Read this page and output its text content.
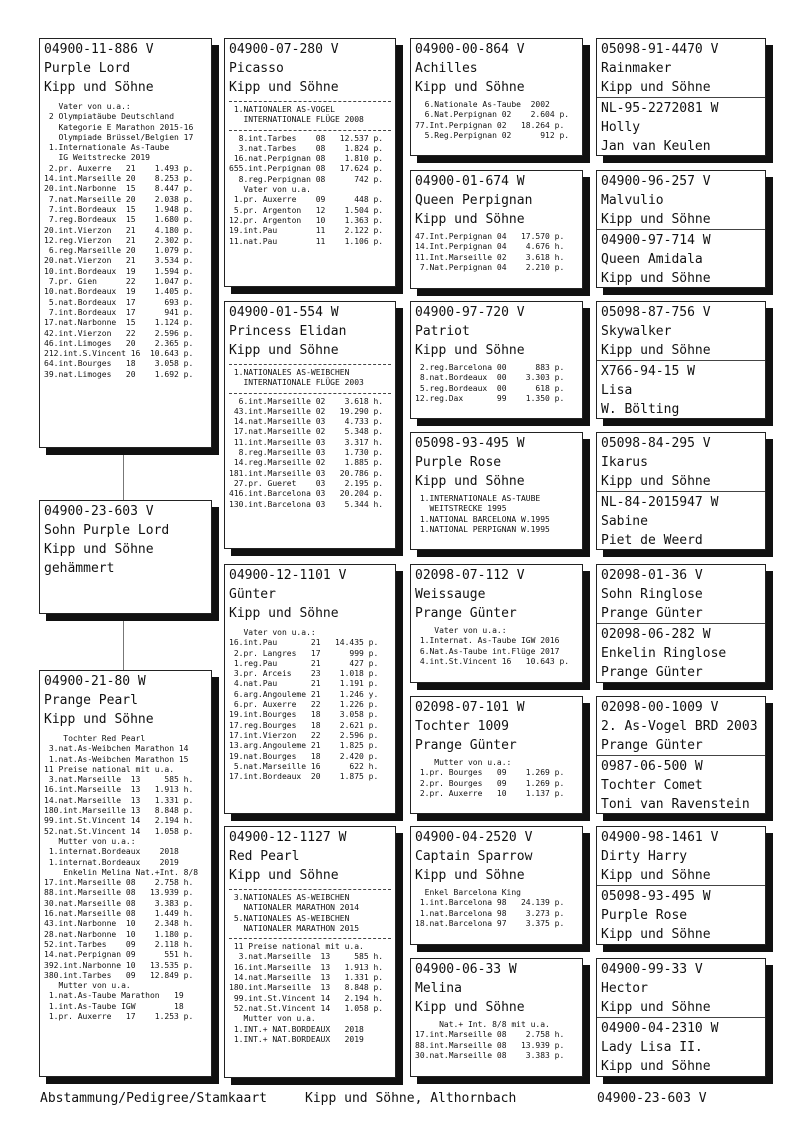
04900-11-886 V
Purple Lord
Kipp und Söhne
Vater von u.a.:
2 Olympiatäube Deutschland
Kategorie E Marathon 2015-16
Olympiade Brüssel/Belgien 17
1.Internationale As-Taube
IG Weitstrecke 2019
2.pr. Auxerre   21    1.493 p.
14.int.Marseille 20    8.253 p.
20.int.Narbonne  15    8.447 p.
7.nat.Marseille 20    2.038 p.
7.int.Bordeaux  15    1.948 p.
7.reg.Bordeaux  15    1.680 p.
20.int.Vierzon   21    4.180 p.
12.reg.Vierzon   21    2.302 p.
6.reg.Marseille 20    1.079 p.
20.nat.Vierzon   21    3.534 p.
10.int.Bordeaux  19    1.594 p.
7.pr. Gien      22    1.047 p.
10.nat.Bordeaux  19    1.405 p.
5.nat.Bordeaux  17      693 p.
7.int.Bordeaux  17      941 p.
17.nat.Narbonne  15    1.124 p.
42.int.Vierzon   22    2.596 p.
46.int.Limoges   20    2.365 p.
212.int.S.Vincent 16  10.643 p.
64.int.Bourges   18    3.058 p.
39.nat.Limoges   20    1.692 p.
04900-23-603 V
Sohn Purple Lord
Kipp und Söhne
gehämmert
04900-21-80 W
Prange Pearl
Kipp und Söhne
Tochter Red Pearl
3.nat.As-Weibchen Marathon 14
1.nat.As-Weibchen Marathon 15
11 Preise national mit u.a.
3.nat.Marseille  13     585 h.
16.int.Marseille  13   1.913 h.
14.nat.Marseille  13   1.331 p.
180.int.Marseille 13   8.848 p.
99.int.St.Vincent 14   2.194 h.
52.nat.St.Vincent 14   1.058 p.
Mutter von u.a.:
1.internat.Bordeaux    2018
1.internat.Bordeaux    2019
Enkelin Melina Nat.+Int. 8/8
17.int.Marseille 08    2.758 h.
88.int.Marseille 08   13.939 p.
30.nat.Marseille 08    3.383 p.
16.nat.Marseille 08    1.449 h.
43.int.Narbonne  10    2.348 h.
28.nat.Narbonne  10    1.180 p.
52.int.Tarbes    09    2.118 h.
14.nat.Perpignan 09      551 h.
392.int.Narbonne 10   13.535 p.
380.int.Tarbes   09   12.849 p.
Mutter von u.a.
1.nat.As-Taube Marathon   19
1.int.As-Taube IGW        18
1.pr. Auxerre   17    1.253 p.
04900-07-280 V
Picasso
Kipp und Söhne
1.NATIONALER AS-VOGEL
INTERNATIONALE FLÜGE 2008
8.int.Tarbes    08   12.537 p.
3.nat.Tarbes    08    1.824 p.
16.nat.Perpignan 08    1.810 p.
655.int.Perpignan 08   17.624 p.
8.reg.Perpignan 08      742 p.
Vater von u.a.
1.pr. Auxerre    09      448 p.
5.pr. Argenton   12    1.504 p.
12.pr. Argenton   10    1.363 p.
19.int.Pau        11    2.122 p.
11.nat.Pau        11    1.106 p.
04900-01-554 W
Princess Elidan
Kipp und Söhne
1.NATIONALES AS-WEIBCHEN
INTERNATIONALE FLÜGE 2003
6.int.Marseille 02    3.618 h.
43.int.Marseille 02   19.290 p.
14.nat.Marseille 03    4.733 p.
17.nat.Marseille 02    5.348 p.
11.int.Marseille 03    3.317 h.
8.reg.Marseille 03    1.730 p.
14.reg.Marseille 02    1.885 p.
181.int.Marseille 03   20.786 p.
27.pr. Gueret    03    2.195 p.
416.int.Barcelona 03   20.204 p.
130.int.Barcelona 03    5.344 h.
04900-12-1101 V
Günter
Kipp und Söhne
Vater von u.a.:
16.int.Pau       21   14.435 p.
2.pr. Langres   17      999 p.
1.reg.Pau       21      427 p.
3.pr. Arceis    23    1.018 p.
4.nat.Pau       21    1.191 p.
6.arg.Angouleme 21    1.246 y.
6.pr. Auxerre   22    1.226 p.
19.int.Bourges   18    3.058 p.
17.reg.Bourges   18    2.621 p.
17.int.Vierzon   22    2.596 p.
13.arg.Angouleme 21    1.825 p.
19.nat.Bourges   18    2.420 p.
5.nat.Marseille 16      622 h.
17.int.Bordeaux  20    1.875 p.
04900-12-1127 W
Red Pearl
Kipp und Söhne
3.NATIONALES AS-WEIBCHEN
NATIONALER MARATHON 2014
5.NATIONALES AS-WEIBCHEN
NATIONALER MARATHON 2015
11 Preise national mit u.a.
3.nat.Marseille  13     585 h.
16.int.Marseille  13   1.913 h.
14.nat.Marseille  13   1.331 p.
180.int.Marseille  13   8.848 p.
99.int.St.Vincent 14   2.194 h.
52.nat.St.Vincent 14   1.058 p.
Mutter von u.a.
1.INT.+ NAT.BORDEAUX   2018
1.INT.+ NAT.BORDEAUX   2019
04900-00-864 V
Achilles
Kipp und Söhne
6.Nationale As-Taube  2002
6.Nat.Perpignan 02    2.604 p.
77.Int.Perpignan 02   18.264 p.
5.Reg.Perpignan 02      912 p.
04900-01-674 W
Queen Perpignan
Kipp und Söhne
47.Int.Perpignan 04   17.570 p.
14.Int.Perpignan 04    4.676 h.
11.Int.Marseille 02    3.618 h.
7.Nat.Perpignan 04    2.210 p.
04900-97-720 V
Patriot
Kipp und Söhne
2.reg.Barcelona 00      883 p.
8.nat.Bordeaux  00    3.303 p.
5.reg.Bordeaux  00      618 p.
12.reg.Dax       99    1.350 p.
05098-93-495 W
Purple Rose
Kipp und Söhne
1.INTERNATIONALE AS-TAUBE
WEITSTRECKE 1995
1.NATIONAL BARCELONA W.1995
1.NATIONAL PERPIGNAN W.1995
02098-07-112 V
Weissauge
Prange Günter
Vater von u.a.:
1.Internat. As-Taube IGW 2016
6.Nat.As-Taube int.Flüge 2017
4.int.St.Vincent 16   10.643 p.
02098-07-101 W
Tochter 1009
Prange Günter
Mutter von u.a.:
1.pr. Bourges   09    1.269 p.
2.pr. Bourges   09    1.269 p.
2.pr. Auxerre   10    1.137 p.
04900-04-2520 V
Captain Sparrow
Kipp und Söhne
Enkel Barcelona King
1.int.Barcelona 98   24.139 p.
1.nat.Barcelona 98    3.273 p.
18.nat.Barcelona 97    3.375 p.
04900-06-33 W
Melina
Kipp und Söhne
Nat.+ Int. 8/8 mit u.a.
17.int.Marseille 08    2.758 h.
88.int.Marseille 08   13.939 p.
30.nat.Marseille 08    3.383 p.
05098-91-4470 V
Rainmaker
Kipp und Söhne
NL-95-2272081 W
Holly
Jan van Keulen
04900-96-257 V
Malvulio
Kipp und Söhne
04900-97-714 W
Queen Amidala
Kipp und Söhne
05098-87-756 V
Skywalker
Kipp und Söhne
X766-94-15 W
Lisa
W. Bölting
05098-84-295 V
Ikarus
Kipp und Söhne
NL-84-2015947 W
Sabine
Piet de Weerd
02098-01-36 V
Sohn Ringlose
Prange Günter
02098-06-282 W
Enkelin Ringlose
Prange Günter
02098-00-1009 V
2. As-Vogel BRD 2003
Prange Günter
0987-06-500 W
Tochter Comet
Toni van Ravenstein
04900-98-1461 V
Dirty Harry
Kipp und Söhne
05098-93-495 W
Purple Rose
Kipp und Söhne
04900-99-33 V
Hector
Kipp und Söhne
04900-04-2310 W
Lady Lisa II.
Kipp und Söhne
Abstammung/Pedigree/Stamkaart	Kipp und Söhne, Althornbach	04900-23-603 V
